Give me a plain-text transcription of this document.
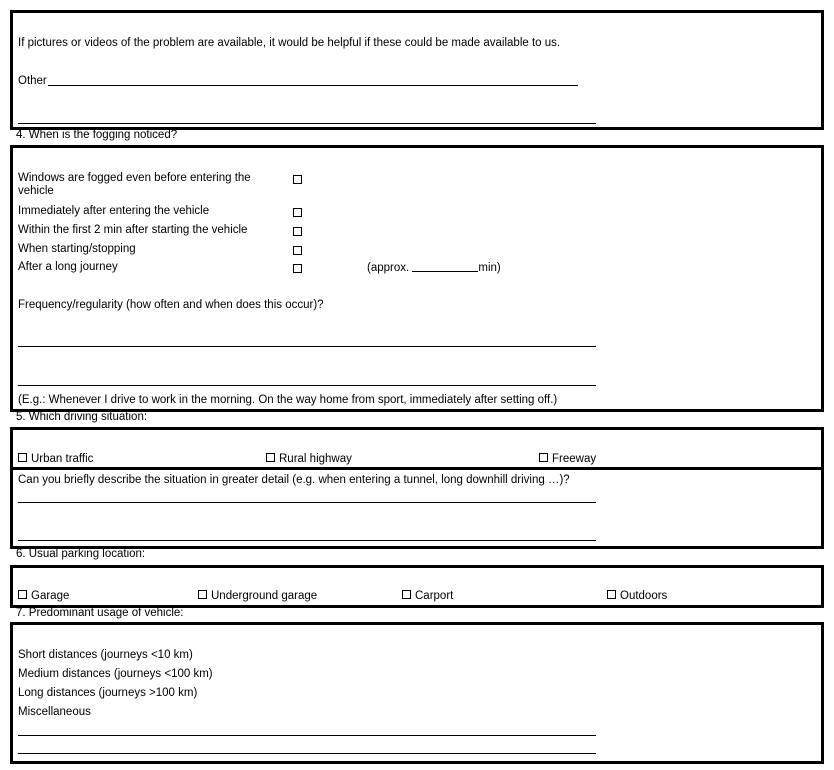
If pictures or videos of the problem are available, it would be helpful if these could be made available to us.
Other
4. When is the fogging noticed?
Windows are fogged even before entering the
vehicle
Immediately after entering the vehicle
Within the first 2 min after starting the vehicle
When starting/stopping
After a long journey	(approx.	min)
Frequency/regularity (how often and when does this occur)?
(E.g.: Whenever I drive to work in the morning. On the way home from sport, immediately after setting off.)
5. Which driving situation:
Urban traffic	Rural highway	Freeway
Can you briefly describe the situation in greater detail (e.g. when entering a tunnel, long downhill driving …)?
6. Usual parking location:
Garage	Underground garage	Carport	Outdoors
7. Predominant usage of vehicle:
Short distances (journeys <10 km)
Medium distances (journeys <100 km)
Long distances (journeys >100 km)
Miscellaneous
